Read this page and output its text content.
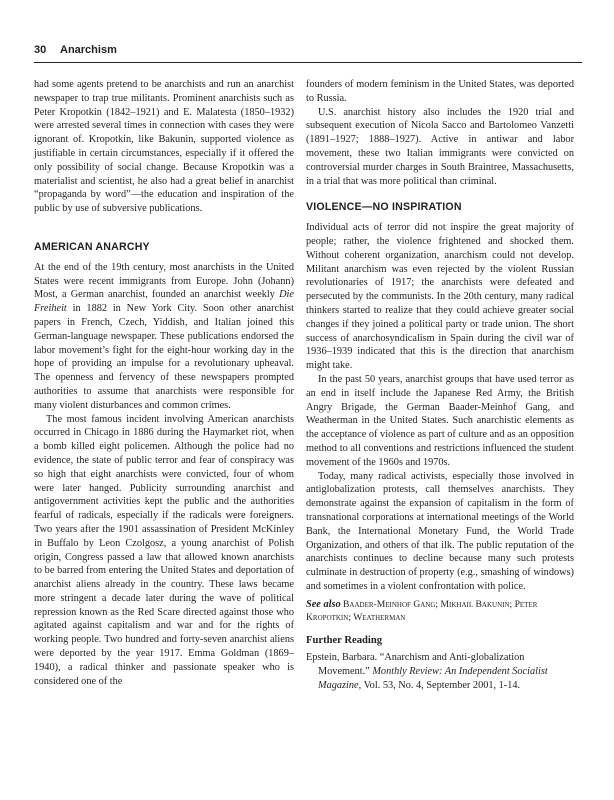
30 Anarchism

had some agents pretend to be anarchists and run an anarchist newspaper to trap true militants. Prominent anarchists such as Peter Kropotkin (1842–1921) and E. Malatesta (1850–1932) were arrested several times in connection with cases they were ignorant of. Kropotkin, like Bakunin, supported violence as justifiable in certain circumstances, especially if it offered the only possibility of social change. Because Kropotkin was a materialist and scientist, he also had a great belief in anarchist “propaganda by word”—the education and inspiration of the public by use of subversive publications.

AMERICAN ANARCHY

At the end of the 19th century, most anarchists in the United States were recent immigrants from Europe. John (Johann) Most, a German anarchist, founded an anarchist weekly Die Freiheit in 1882 in New York City. Soon other anarchist papers in French, Czech, Yiddish, and Italian joined this German-language newspaper. These publications endorsed the labor movement’s fight for the eight-hour working day in the hope of providing an impulse for a revolutionary upheaval. The openness and fervency of these newspapers prompted authorities to assume that anarchists were responsible for many violent disturbances and common crimes.

The most famous incident involving American anarchists occurred in Chicago in 1886 during the Haymarket riot, when a bomb killed eight policemen. Although the police had no evidence, the state of public terror and fear of conspiracy was so high that eight anarchists were convicted, four of whom were later hanged. Publicity surrounding anarchist and antigovernment activities kept the public and the authorities fearful of radicals, especially if the radicals were foreigners. Two years after the 1901 assassination of President McKinley in Buffalo by Leon Czolgosz, a young anarchist of Polish origin, Congress passed a law that allowed known anarchists to be barred from entering the United States and deportation of anarchist aliens already in the country. These laws became more stringent a decade later during the wave of political repression known as the Red Scare directed against those who agitated against capitalism and war and for the rights of working people. Two hundred and forty-seven anarchist aliens were deported by the year 1917. Emma Goldman (1869–1940), a radical thinker and passionate speaker who is considered one of the

founders of modern feminism in the United States, was deported to Russia.

U.S. anarchist history also includes the 1920 trial and subsequent execution of Nicola Sacco and Bartolomeo Vanzetti (1891–1927; 1888–1927). Active in antiwar and labor movement, these two Italian immigrants were convicted on controversial murder charges in South Braintree, Massachusetts, in a trial that was more political than criminal.

VIOLENCE—NO INSPIRATION

Individual acts of terror did not inspire the great majority of people; rather, the violence frightened and shocked them. Without coherent organization, anarchism could not develop. Militant anarchism was even rejected by the violent Russian revolutionaries of 1917; the anarchists were defeated and persecuted by the communists. In the 20th century, many radical thinkers started to realize that they could achieve greater social changes if they joined a political party or trade union. The short success of anarchosyndicalism in Spain during the civil war of 1936–1939 indicated that this is the direction that anarchism might take.

In the past 50 years, anarchist groups that have used terror as an end in itself include the Japanese Red Army, the British Angry Brigade, the German Baader-Meinhof Gang, and Weatherman in the United States. Such anarchistic elements as the acceptance of violence as part of culture and as an opposition method to all conventions and restrictions influenced the student movement of the 1960s and 1970s.

Today, many radical activists, especially those involved in antiglobalization protests, call themselves anarchists. They demonstrate against the expansion of capitalism in the form of transnational corporations at international meetings of the World Bank, the International Monetary Fund, the World Trade Organization, and others of that ilk. The public reputation of the anarchists continues to decline because many such protests culminate in destruction of property (e.g., smashing of windows) and sometimes in a violent confrontation with police.

See also Baader-Meinhof Gang; Mikhail Bakunin; Peter Kropotkin; Weatherman

Further Reading

Epstein, Barbara. “Anarchism and Anti-globalization Movement.” Monthly Review: An Independent Socialist Magazine, Vol. 53, No. 4, September 2001, 1-14.
